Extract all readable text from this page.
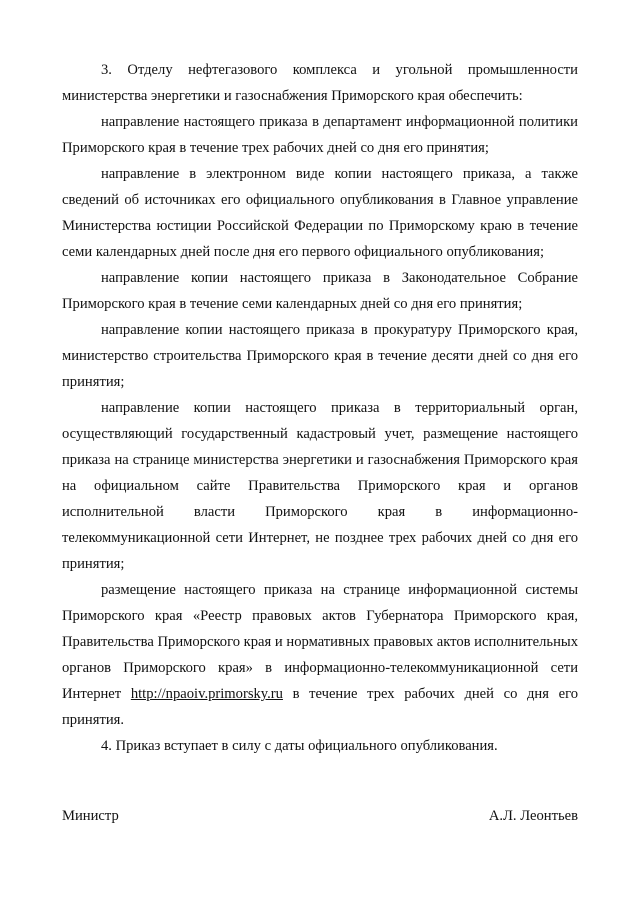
3. Отделу нефтегазового комплекса и угольной промышленности министерства энергетики и газоснабжения Приморского края обеспечить:

направление настоящего приказа в департамент информационной политики Приморского края в течение трех рабочих дней со дня его принятия;

направление в электронном виде копии настоящего приказа, а также сведений об источниках его официального опубликования в Главное управление Министерства юстиции Российской Федерации по Приморскому краю в течение семи календарных дней после дня его первого официального опубликования;

направление копии настоящего приказа в Законодательное Собрание Приморского края в течение семи календарных дней со дня его принятия;

направление копии настоящего приказа в прокуратуру Приморского края, министерство строительства Приморского края в течение десяти дней со дня его принятия;

направление копии настоящего приказа в территориальный орган, осуществляющий государственный кадастровый учет, размещение настоящего приказа на странице министерства энергетики и газоснабжения Приморского края на официальном сайте Правительства Приморского края и органов исполнительной власти Приморского края в информационно-телекоммуникационной сети Интернет, не позднее трех рабочих дней со дня его принятия;

размещение настоящего приказа на странице информационной системы Приморского края «Реестр правовых актов Губернатора Приморского края, Правительства Приморского края и нормативных правовых актов исполнительных органов Приморского края» в информационно-телекоммуникационной сети Интернет http://npaoiv.primorsky.ru в течение трех рабочих дней со дня его принятия.

4. Приказ вступает в силу с даты официального опубликования.

Министр	А.Л. Леонтьев
